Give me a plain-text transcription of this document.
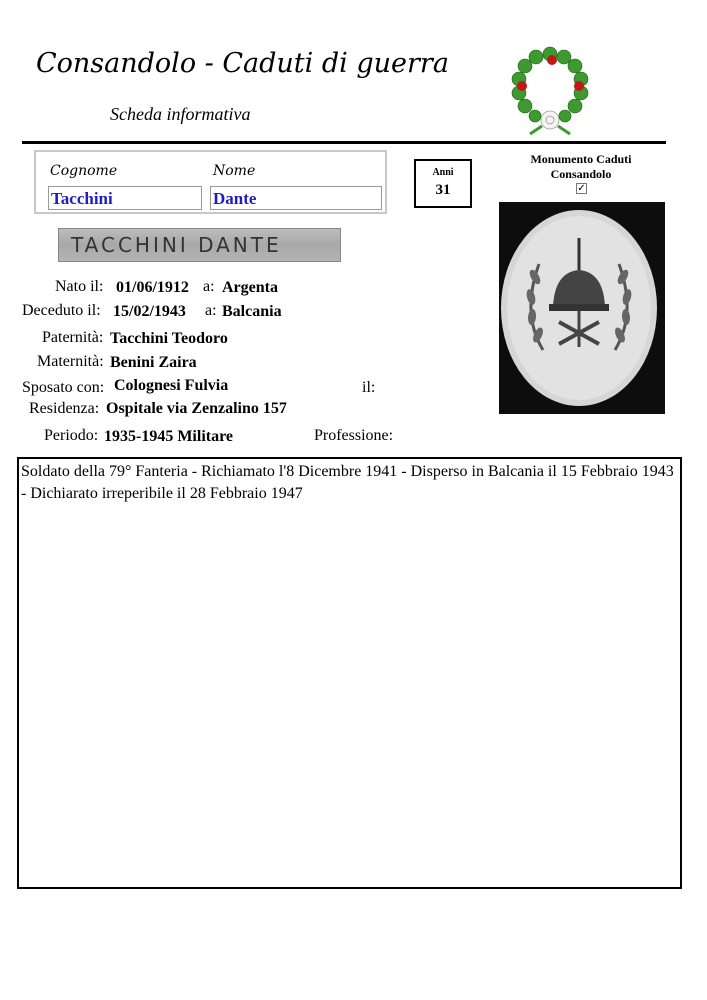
Consandolo - Caduti di guerra
Scheda informativa
Cognome	Nome
Tacchini	Dante
Anni
31
Monumento Caduti
Consandolo
✓
TACCHINI DANTE
Nato il: 01/06/1912 a: Argenta
Deceduto il: 15/02/1943 a: Balcania
Paternità: Tacchini Teodoro
Maternità: Benini Zaira
Sposato con: Colognesi Fulvia	il:
Residenza: Ospitale via Zenzalino 157
Periodo: 1935-1945 Militare	Professione:
Soldato della 79° Fanteria - Richiamato l'8 Dicembre 1941 - Disperso in Balcania il 15 Febbraio 1943 - Dichiarato irreperibile il 28 Febbraio 1947
